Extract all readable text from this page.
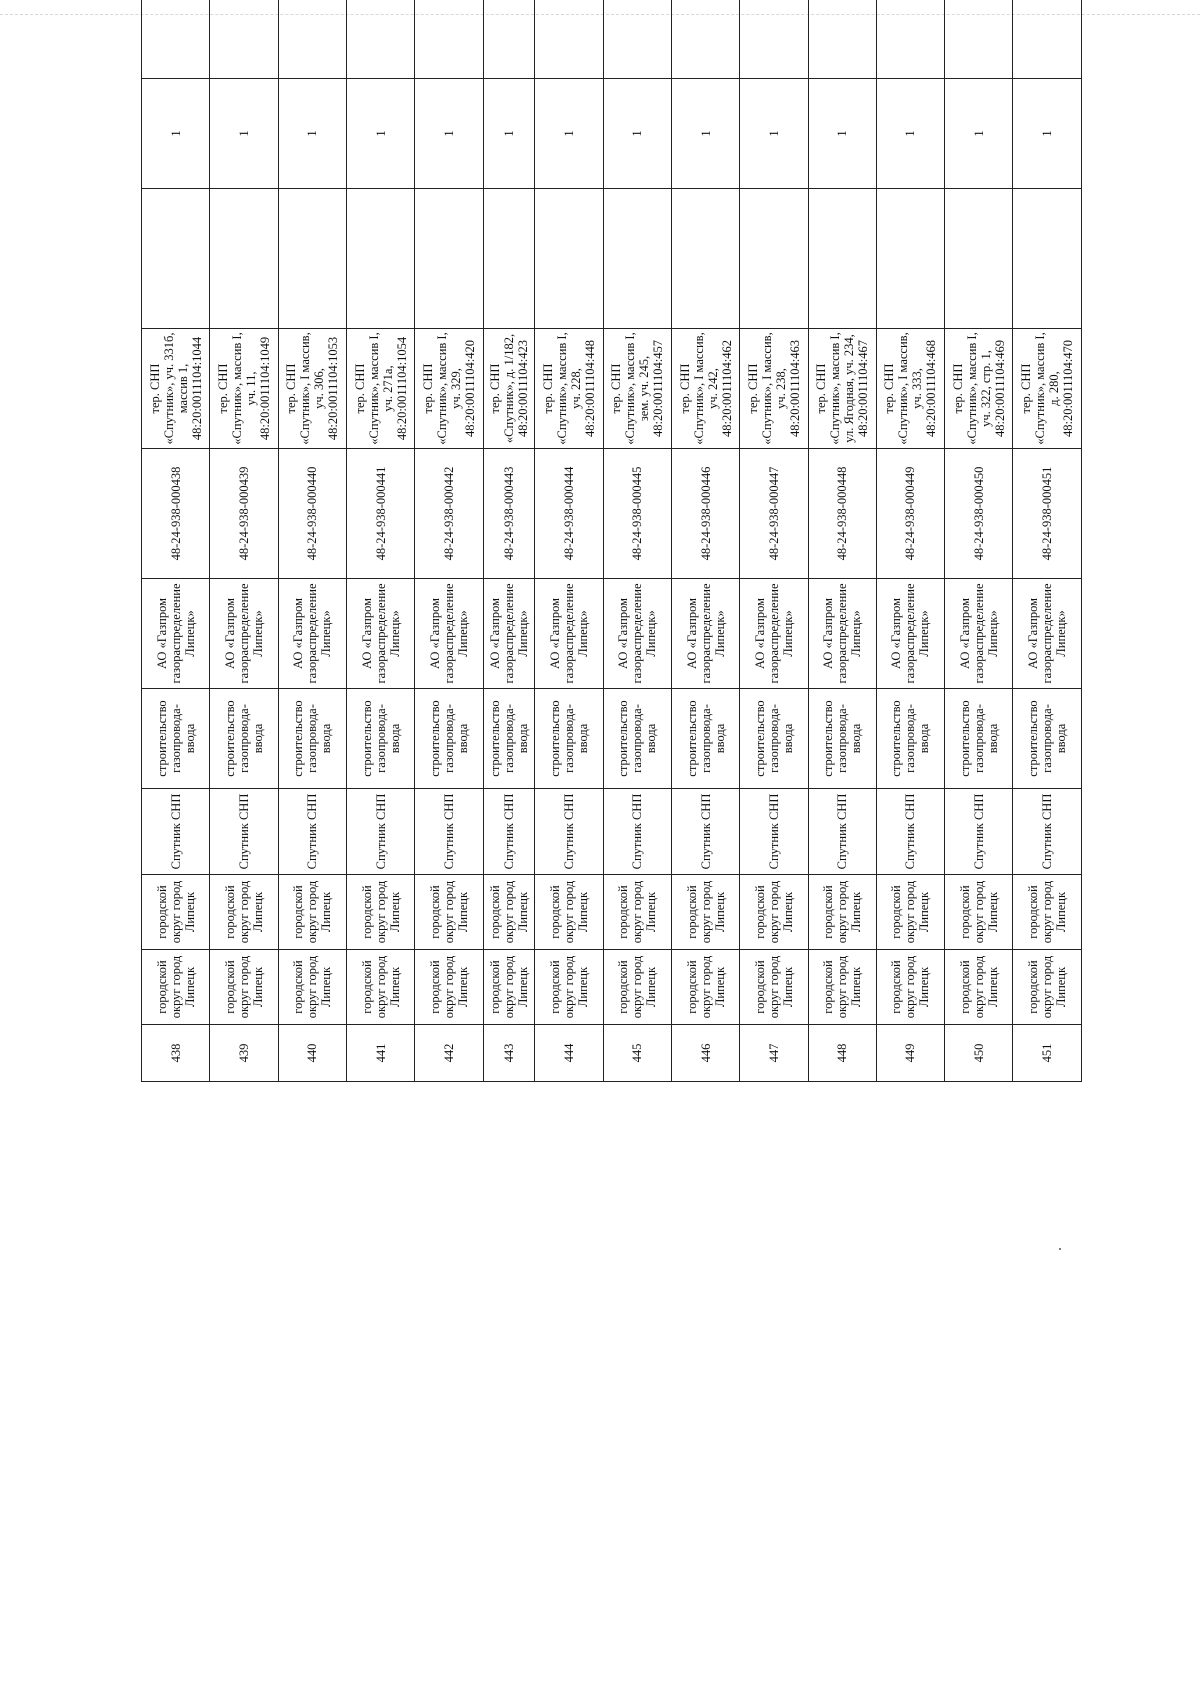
438	городской округ город Липецк	городской округ город Липецк	Спутник СНП	строительство газопровода-ввода	АО «Газпром газораспределение Липецк»	48-24-938-000438	тер. СНП «Спутник», уч. 331б, массив 1, 48:20:0011104:1044		1			
439	городской округ город Липецк	городской округ город Липецк	Спутник СНП	строительство газопровода-ввода	АО «Газпром газораспределение Липецк»	48-24-938-000439	тер. СНП «Спутник», массив I, уч. 11, 48:20:0011104:1049		1			
440	городской округ город Липецк	городской округ город Липецк	Спутник СНП	строительство газопровода-ввода	АО «Газпром газораспределение Липецк»	48-24-938-000440	тер. СНП «Спутник», I массив, уч. 306, 48:20:0011104:1053		1			
441	городской округ город Липецк	городской округ город Липецк	Спутник СНП	строительство газопровода-ввода	АО «Газпром газораспределение Липецк»	48-24-938-000441	тер. СНП «Спутник», массив I, уч. 271а, 48:20:0011104:1054		1			
442	городской округ город Липецк	городской округ город Липецк	Спутник СНП	строительство газопровода-ввода	АО «Газпром газораспределение Липецк»	48-24-938-000442	тер. СНП «Спутник», массив I, уч. 329, 48:20:0011104:420		1			
443	городской округ город Липецк	городской округ город Липецк	Спутник СНП	строительство газопровода-ввода	АО «Газпром газораспределение Липецк»	48-24-938-000443	тер. СНП «Спутник», д. 1/182, 48:20:0011104:423		1			
444	городской округ город Липецк	городской округ город Липецк	Спутник СНП	строительство газопровода-ввода	АО «Газпром газораспределение Липецк»	48-24-938-000444	тер. СНП «Спутник», массив I, уч. 228, 48:20:0011104:448		1			
445	городской округ город Липецк	городской округ город Липецк	Спутник СНП	строительство газопровода-ввода	АО «Газпром газораспределение Липецк»	48-24-938-000445	тер. СНП «Спутник», массив I, зем. уч. 245, 48:20:0011104:457		1			
446	городской округ город Липецк	городской округ город Липецк	Спутник СНП	строительство газопровода-ввода	АО «Газпром газораспределение Липецк»	48-24-938-000446	тер. СНП «Спутник», I массив, уч. 242, 48:20:0011104:462		1			
447	городской округ город Липецк	городской округ город Липецк	Спутник СНП	строительство газопровода-ввода	АО «Газпром газораспределение Липецк»	48-24-938-000447	тер. СНП «Спутник», I массив, уч. 238, 48:20:0011104:463		1			
448	городской округ город Липецк	городской округ город Липецк	Спутник СНП	строительство газопровода-ввода	АО «Газпром газораспределение Липецк»	48-24-938-000448	тер. СНП «Спутник», массив I, ул. Ягодная, уч. 234, 48:20:0011104:467		1			
449	городской округ город Липецк	городской округ город Липецк	Спутник СНП	строительство газопровода-ввода	АО «Газпром газораспределение Липецк»	48-24-938-000449	тер. СНП «Спутник», I массив, уч. 333, 48:20:0011104:468		1			
450	городской округ город Липецк	городской округ город Липецк	Спутник СНП	строительство газопровода-ввода	АО «Газпром газораспределение Липецк»	48-24-938-000450	тер. СНП «Спутник», массив I, уч. 322, стр. 1, 48:20:0011104:469		1			
451	городской округ город Липецк	городской округ город Липецк	Спутник СНП	строительство газопровода-ввода	АО «Газпром газораспределение Липецк»	48-24-938-000451	тер. СНП «Спутник», массив I, д. 280, 48:20:0011104:470		1			
